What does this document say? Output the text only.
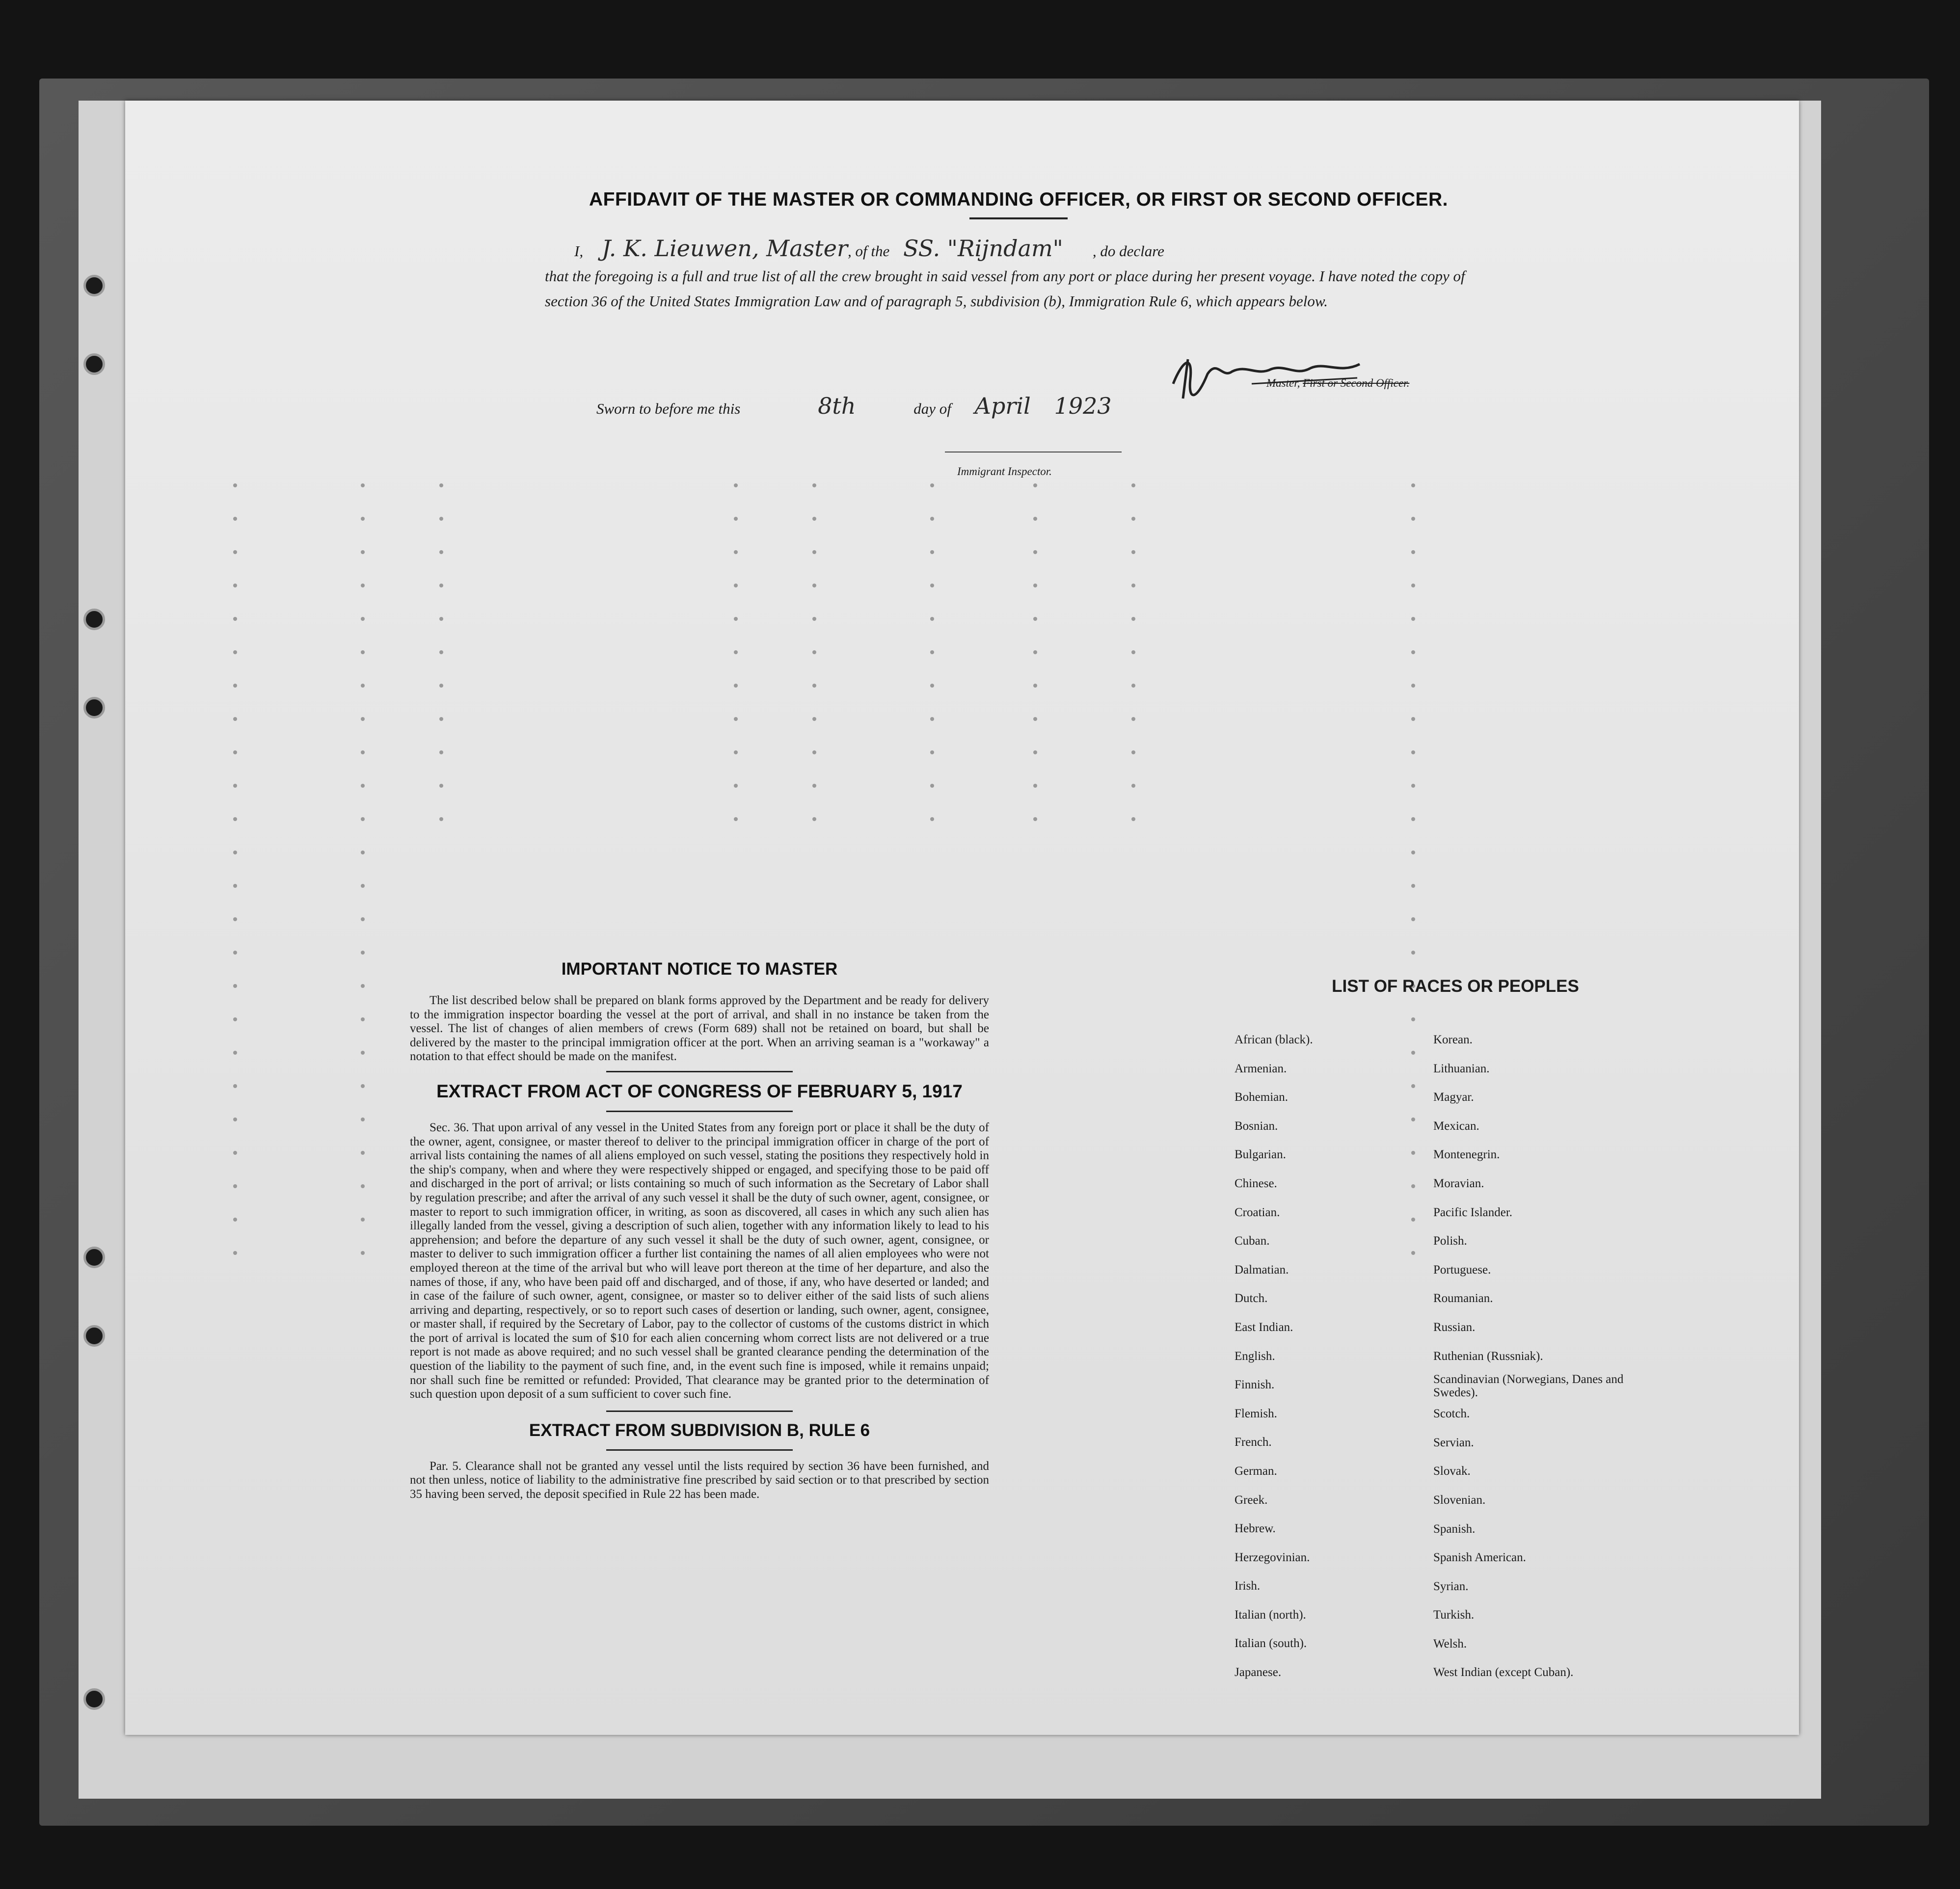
AFFIDAVIT OF THE MASTER OR COMMANDING OFFICER, OR FIRST OR SECOND OFFICER.

I, J. K. Lieuwen, Master, of the SS. "Rijndam" , do declare
that the foregoing is a full and true list of all the crew brought in said vessel from any port or place during her present voyage. I have noted the copy of section 36 of the United States Immigration Law and of paragraph 5, subdivision (b), Immigration Rule 6, which appears below.

Master, First or Second Officer.
Sworn to before me this	8th	day of April 1923
Immigrant Inspector.
IMPORTANT NOTICE TO MASTER

The list described below shall be prepared on blank forms approved by the Department and be ready for delivery to the immigration inspector boarding the vessel at the port of arrival, and shall in no instance be taken from the vessel. The list of changes of alien members of crews (Form 689) shall not be retained on board, but shall be delivered by the master to the principal immigration officer at the port. When an arriving seaman is a "workaway" a notation to that effect should be made on the manifest.

EXTRACT FROM ACT OF CONGRESS OF FEBRUARY 5, 1917

Sec. 36. That upon arrival of any vessel in the United States from any foreign port or place it shall be the duty of the owner, agent, consignee, or master thereof to deliver to the principal immigration officer in charge of the port of arrival lists containing the names of all aliens employed on such vessel, stating the positions they respectively hold in the ship's company, when and where they were respectively shipped or engaged, and specifying those to be paid off and discharged in the port of arrival; or lists containing so much of such information as the Secretary of Labor shall by regulation prescribe; and after the arrival of any such vessel it shall be the duty of such owner, agent, consignee, or master to report to such immigration officer, in writing, as soon as discovered, all cases in which any such alien has illegally landed from the vessel, giving a description of such alien, together with any information likely to lead to his apprehension; and before the departure of any such vessel it shall be the duty of such owner, agent, consignee, or master to deliver to such immigration officer a further list containing the names of all alien employees who were not employed thereon at the time of the arrival but who will leave port thereon at the time of her departure, and also the names of those, if any, who have been paid off and discharged, and of those, if any, who have deserted or landed; and in case of the failure of such owner, agent, consignee, or master so to deliver either of the said lists of such aliens arriving and departing, respectively, or so to report such cases of desertion or landing, such owner, agent, consignee, or master shall, if required by the Secretary of Labor, pay to the collector of customs of the customs district in which the port of arrival is located the sum of $10 for each alien concerning whom correct lists are not delivered or a true report is not made as above required; and no such vessel shall be granted clearance pending the determination of the question of the liability to the payment of such fine, and, in the event such fine is imposed, while it remains unpaid; nor shall such fine be remitted or refunded: Provided, That clearance may be granted prior to the determination of such question upon deposit of a sum sufficient to cover such fine.

EXTRACT FROM SUBDIVISION B, RULE 6

Par. 5. Clearance shall not be granted any vessel until the lists required by section 36 have been furnished, and not then unless, notice of liability to the administrative fine prescribed by said section or to that prescribed by section 35 having been served, the deposit specified in Rule 22 has been made.

LIST OF RACES OR PEOPLES
African (black).
Armenian.
Bohemian.
Bosnian.
Bulgarian.
Chinese.
Croatian.
Cuban.
Dalmatian.
Dutch.
East Indian.
English.
Finnish.
Flemish.
French.
German.
Greek.
Hebrew.
Herzegovinian.
Irish.
Italian (north).
Italian (south).
Japanese.
Korean.
Lithuanian.
Magyar.
Mexican.
Montenegrin.
Moravian.
Pacific Islander.
Polish.
Portuguese.
Roumanian.
Russian.
Ruthenian (Russniak).
Scandinavian (Norwegians, Danes and Swedes).
Scotch.
Servian.
Slovak.
Slovenian.
Spanish.
Spanish American.
Syrian.
Turkish.
Welsh.
West Indian (except Cuban).
